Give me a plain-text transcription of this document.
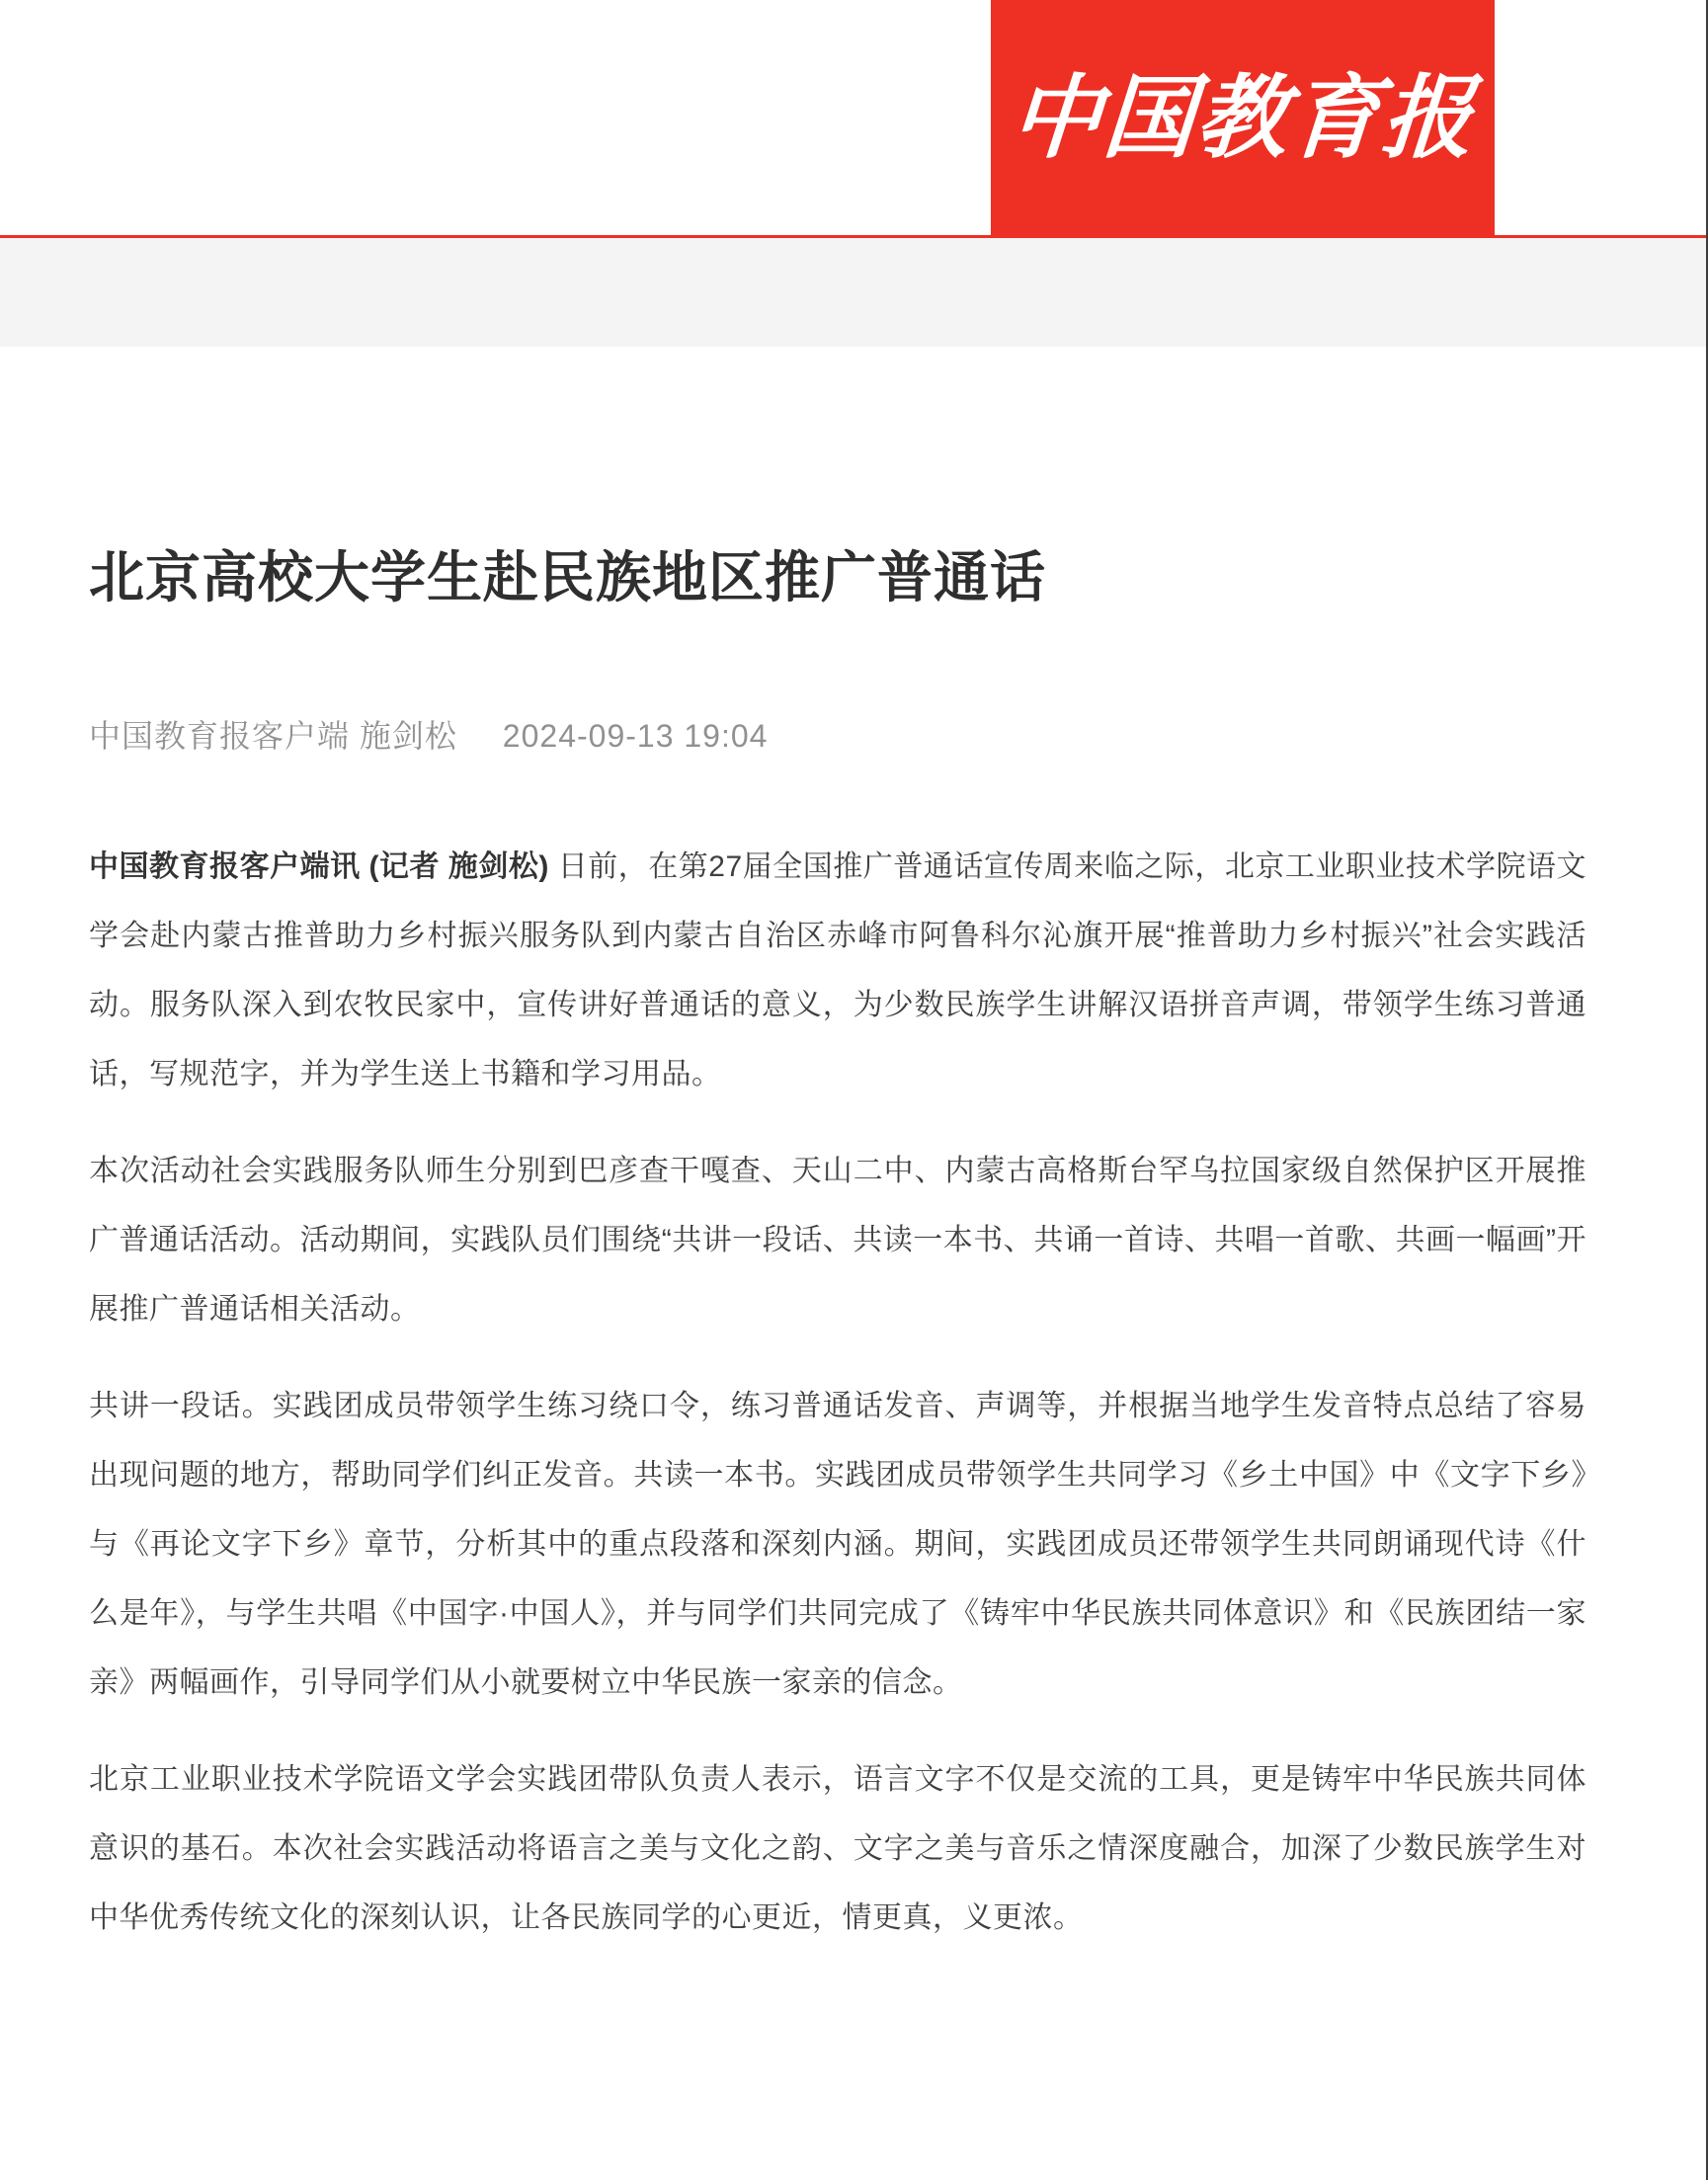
中国教育报
北京高校大学生赴民族地区推广普通话
中国教育报客户端 施剑松 2024-09-13 19:04

中国教育报客户端讯 (记者 施剑松) 日前，在第27届全国推广普通话宣传周来临之际，北京工业职业技术学院语文学会赴内蒙古推普助力乡村振兴服务队到内蒙古自治区赤峰市阿鲁科尔沁旗开展“推普助力乡村振兴”社会实践活动。服务队深入到农牧民家中，宣传讲好普通话的意义，为少数民族学生讲解汉语拼音声调，带领学生练习普通话，写规范字，并为学生送上书籍和学习用品。

本次活动社会实践服务队师生分别到巴彦查干嘎查、天山二中、内蒙古高格斯台罕乌拉国家级自然保护区开展推广普通话活动。活动期间，实践队员们围绕“共讲一段话、共读一本书、共诵一首诗、共唱一首歌、共画一幅画”开展推广普通话相关活动。

共讲一段话。实践团成员带领学生练习绕口令，练习普通话发音、声调等，并根据当地学生发音特点总结了容易出现问题的地方，帮助同学们纠正发音。共读一本书。实践团成员带领学生共同学习《乡土中国》中《文字下乡》与《再论文字下乡》章节，分析其中的重点段落和深刻内涵。期间，实践团成员还带领学生共同朗诵现代诗《什么是年》，与学生共唱《中国字·中国人》，并与同学们共同完成了《铸牢中华民族共同体意识》和《民族团结一家亲》两幅画作，引导同学们从小就要树立中华民族一家亲的信念。

北京工业职业技术学院语文学会实践团带队负责人表示，语言文字不仅是交流的工具，更是铸牢中华民族共同体意识的基石。本次社会实践活动将语言之美与文化之韵、文字之美与音乐之情深度融合，加深了少数民族学生对中华优秀传统文化的深刻认识，让各民族同学的心更近，情更真，义更浓。
